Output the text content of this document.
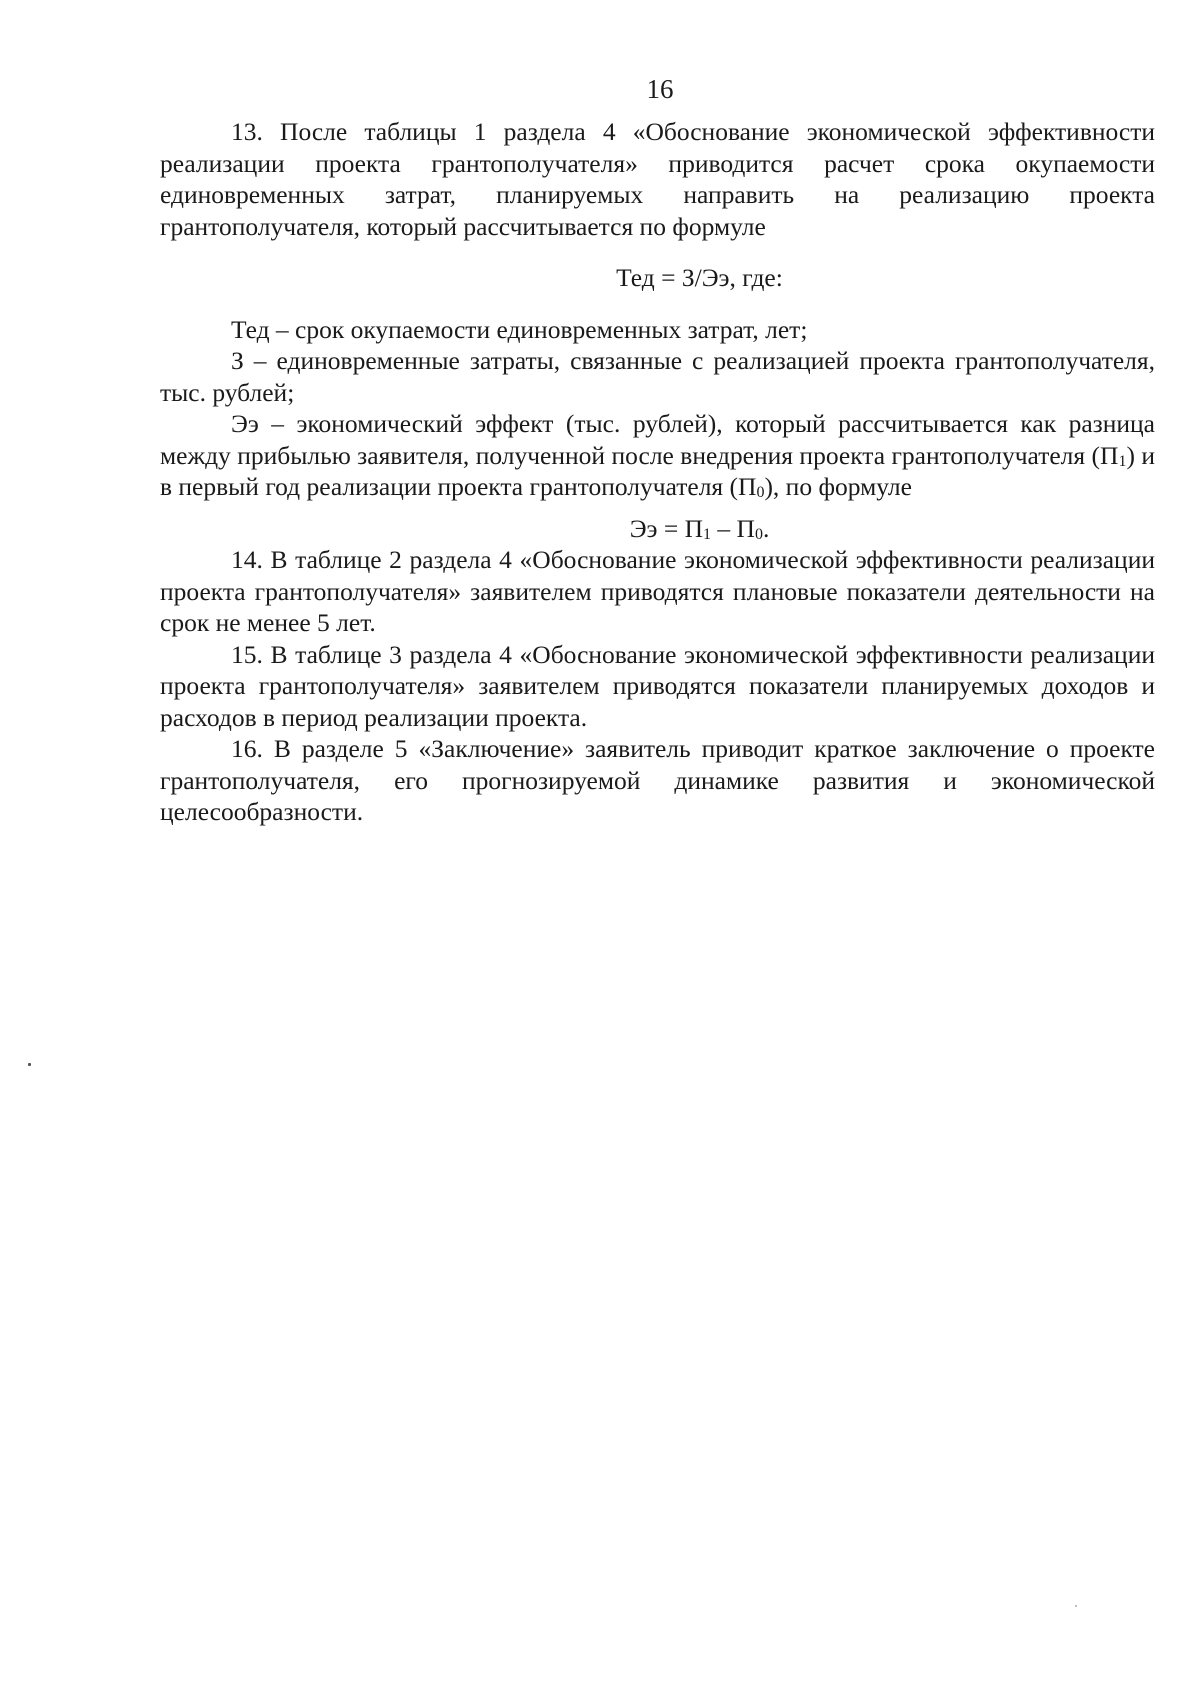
16

13. После таблицы 1 раздела 4 «Обоснование экономической эффективности реализации проекта грантополучателя» приводится расчет срока окупаемости единовременных затрат, планируемых направить на реализацию проекта грантополучателя, который рассчитывается по формуле

Тед = З/Ээ, где:

Тед – срок окупаемости единовременных затрат, лет;

З – единовременные затраты, связанные с реализацией проекта грантополучателя, тыс. рублей;

Ээ – экономический эффект (тыс. рублей), который рассчитывается как разница между прибылью заявителя, полученной после внедрения проекта грантополучателя $(П_1)$ и в первый год реализации проекта грантополучателя $(П_0)$, по формуле

Ээ = $П_1 - П_0$.

14. В таблице 2 раздела 4 «Обоснование экономической эффективности реализации проекта грантополучателя» заявителем приводятся плановые показатели деятельности на срок не менее 5 лет.

15. В таблице 3 раздела 4 «Обоснование экономической эффективности реализации проекта грантополучателя» заявителем приводятся показатели планируемых доходов и расходов в период реализации проекта.

16. В разделе 5 «Заключение» заявитель приводит краткое заключение о проекте грантополучателя, его прогнозируемой динамике развития и экономической целесообразности.
